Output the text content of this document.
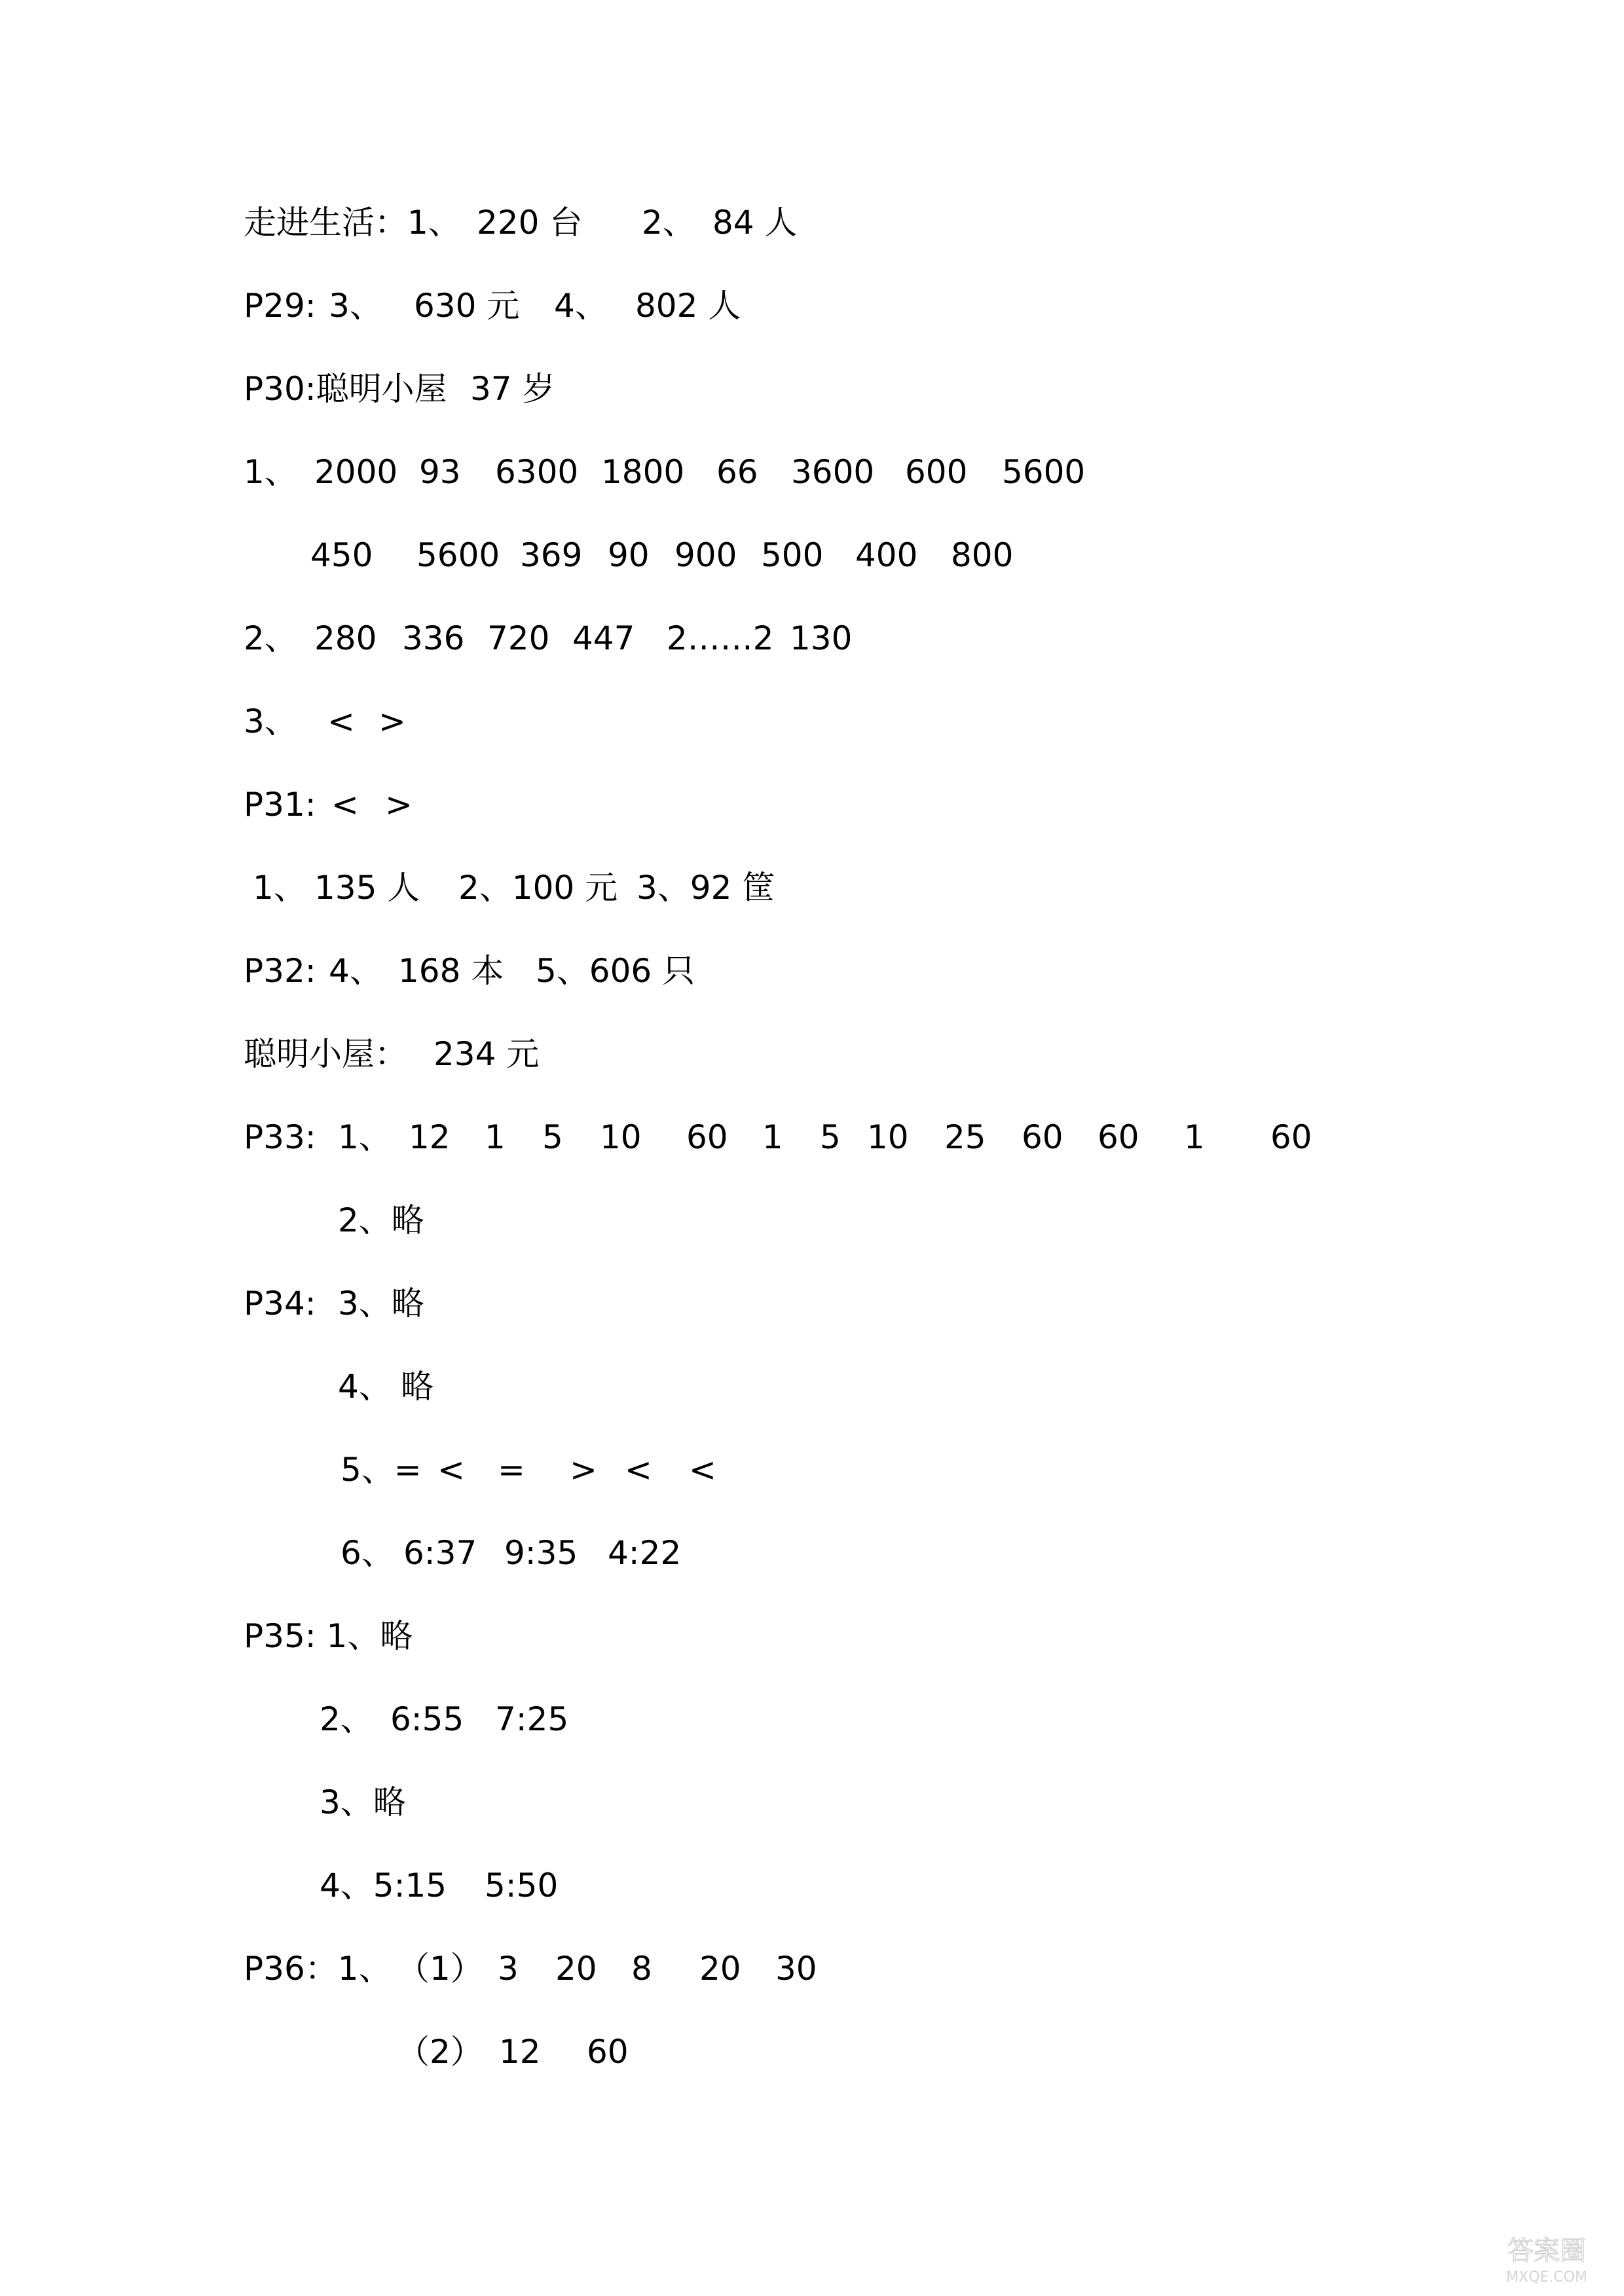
走进生活：1、 220 台 2、 84 人
P29: 3、 630 元 4、 802 人
P30:聪明小屋 37 岁
1、 2000 93 6300 1800 66 3600 600 5600
450 5600 369 90 900 500 400 800
2、 280 336 720 447 2……2 130
3、 < >
P31: < >
1、 135 人 2、100 元 3、92 筐
P32: 4、 168 本 5、606 只
聪明小屋： 234 元
P33: 1、 12 1 5 10 60 1 5 10 25 60 60 1 60
2、略
P34: 3、略
4、 略
5、= < = > < <
6、 6:37 9:35 4:22
P35: 1、略
2、 6:55 7:25
3、略
4、5:15 5:50
P36：1、 （1） 3 20 8 20 30
（2） 12 60
答案圈
MXQE.COM
